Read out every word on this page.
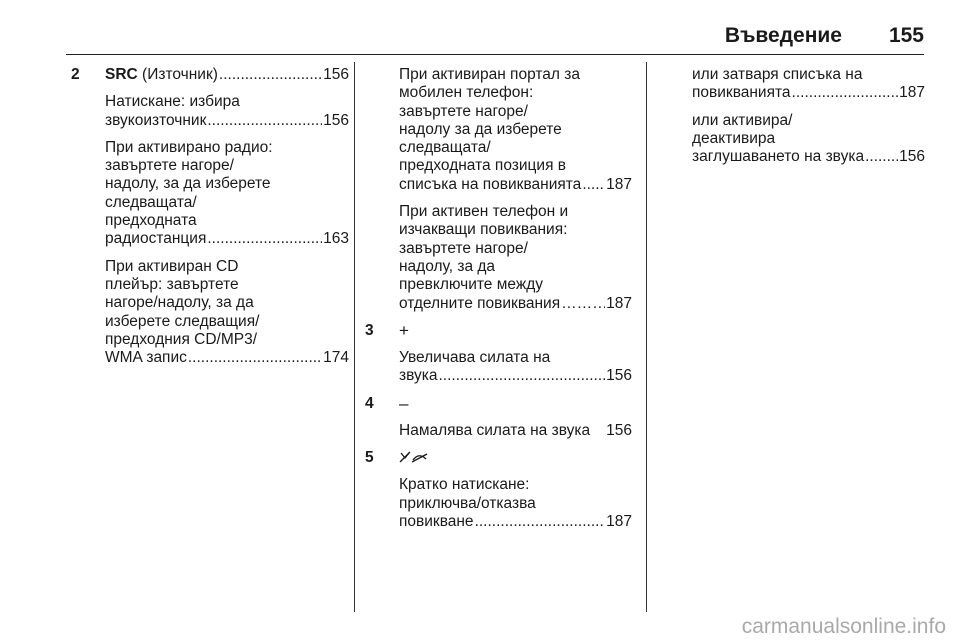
Въведение 155
2 SRC (Източник) .....	156
Натискане: избира
звукоизточник .....	156
При активирано радио:
завъртете нагоре/
надолу, за да изберете
следващата/
предходната
радиостанция .....	163
При активиран CD
плейър: завъртете
нагоре/надолу, за да
изберете следващия/
предходния CD/MP3/
WMA запис .....	174
При активиран портал за
мобилен телефон:
завъртете нагоре/
надолу за да изберете
следващата/
предходната позиция в
списъка на повикванията ..... 187
При активен телефон и
изчакващи повиквания:
завъртете нагоре/
надолу, за да
превключите между
отделните повиквания ………………………………………………………………………………	187
3 +
Увеличава силата на
звука .....	156
4 –
Намалява силата на звука 156
5
Кратко натискане:
приключва/отказва
повикване .....	187
или затваря списъка на
повикванията .....	187
или активира/
деактивира
заглушаването на звука ..... 156
carmanualsonline.info
